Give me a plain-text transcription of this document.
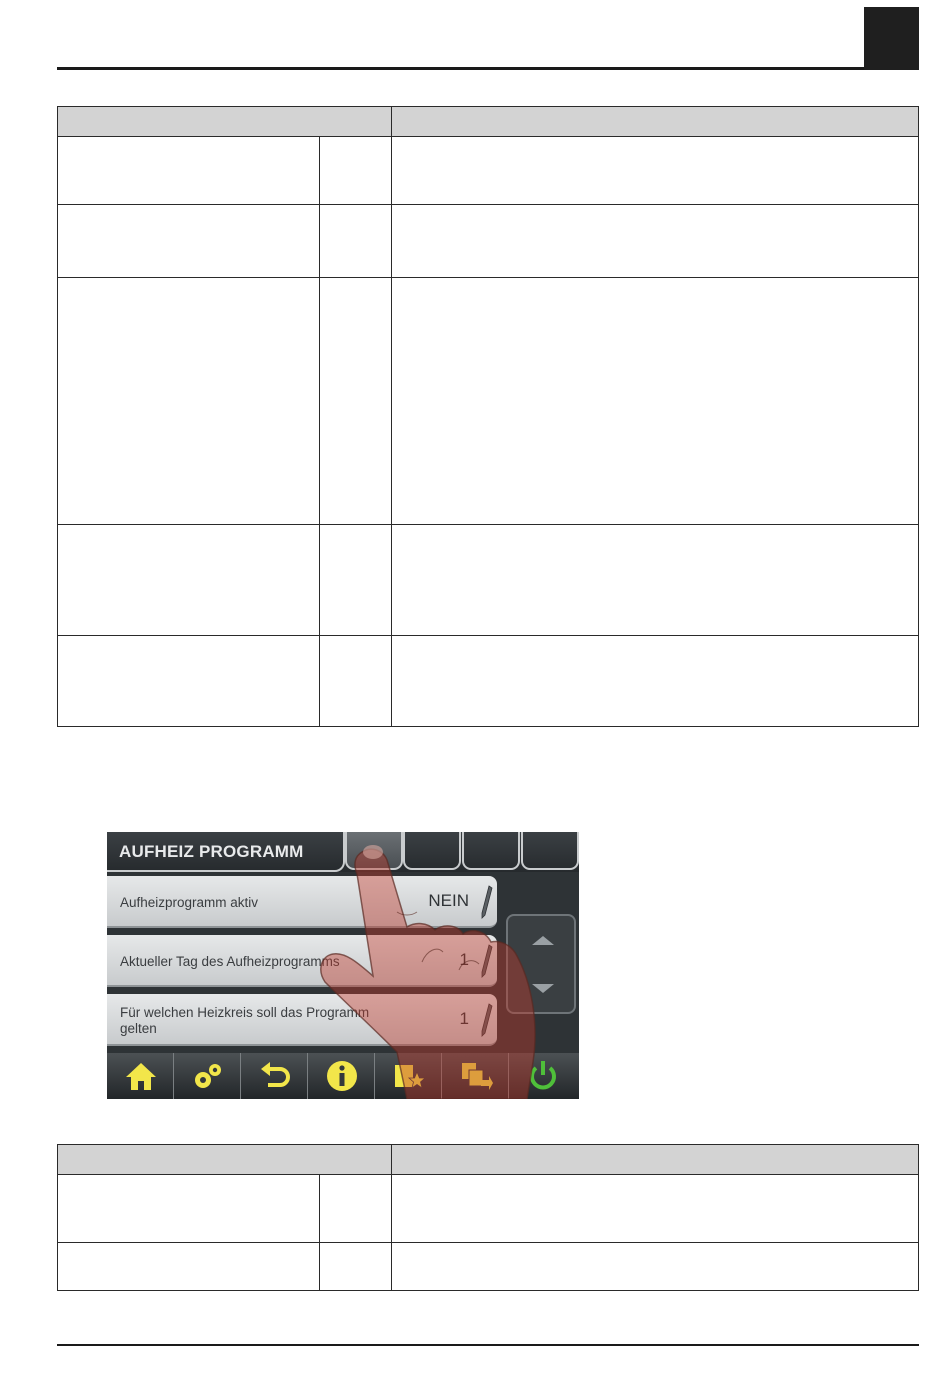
AUFHEIZ PROGRAMM
Aufheizprogramm aktiv	NEIN
Aktueller Tag des Aufheizprogramms	1
Für welchen Heizkreis soll das Programm gelten
1
